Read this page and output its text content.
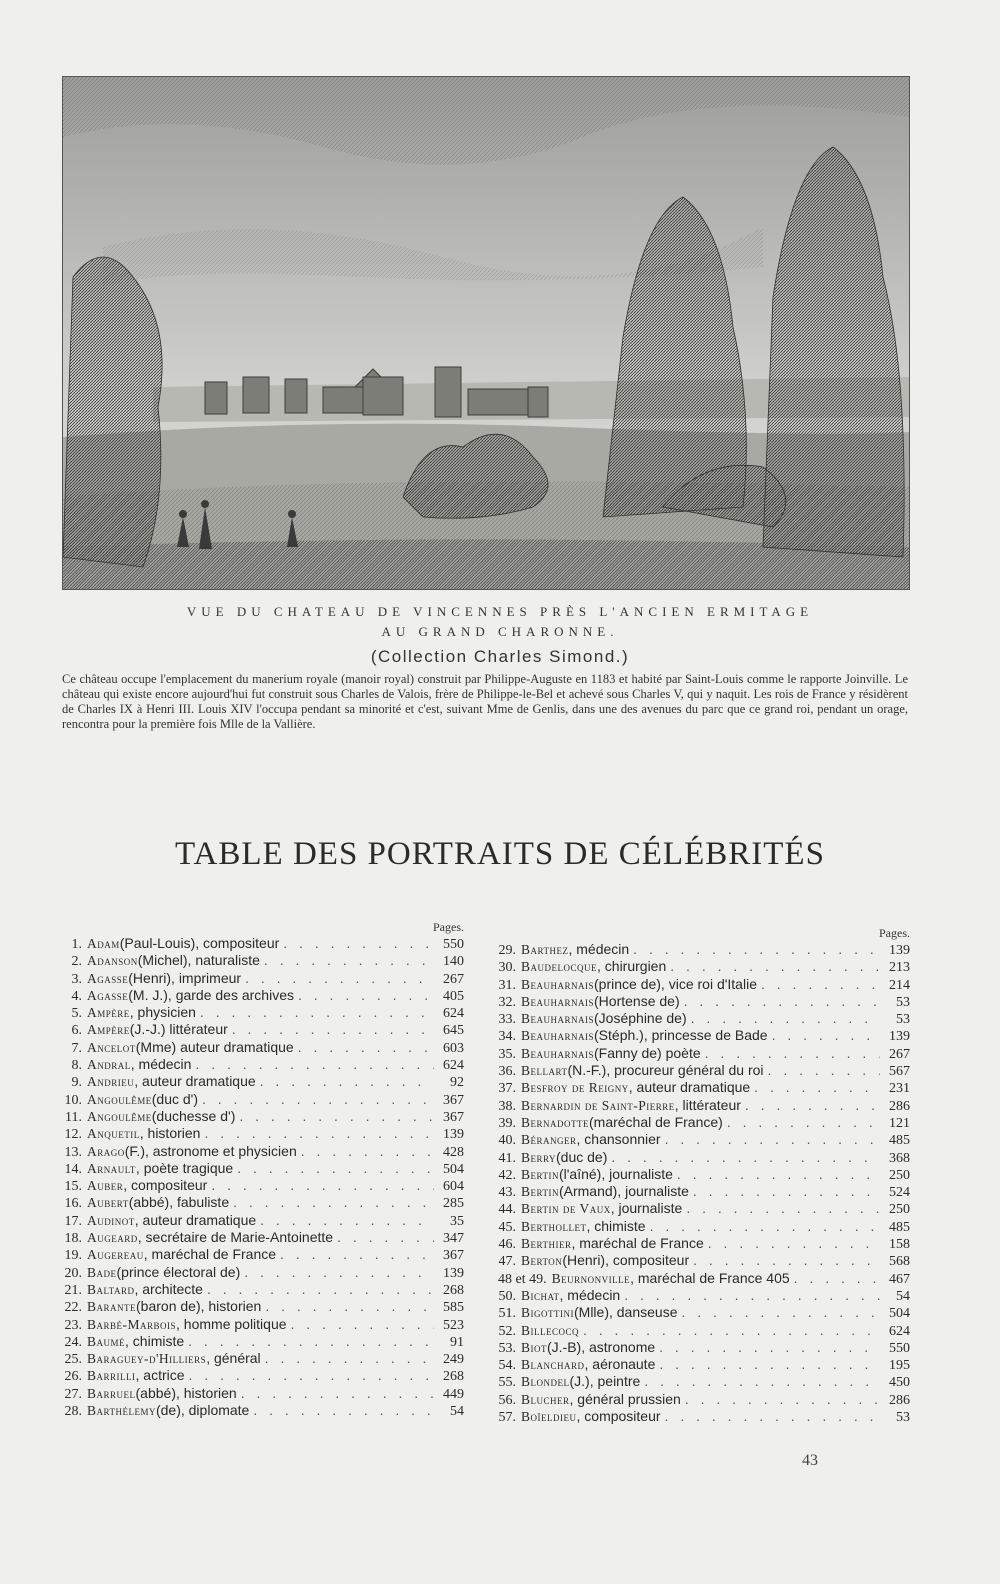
VUE DU CHATEAU DE VINCENNES PRÈS L'ANCIEN ERMITAGE
AU GRAND CHARONNE.
(Collection Charles Simond.)
Ce château occupe l'emplacement du manerium royale (manoir royal) construit par Philippe-Auguste en 1183 et habité par Saint-Louis comme le rapporte Joinville. Le château qui existe encore aujourd'hui fut construit sous Charles de Valois, frère de Philippe-le-Bel et achevé sous Charles V, qui y naquit. Les rois de France y résidèrent de Charles IX à Henri III. Louis XIV l'occupa pendant sa minorité et c'est, suivant Mme de Genlis, dans une des avenues du parc que ce grand roi, pendant un orage, rencontra pour la première fois Mlle de la Vallière.
TABLE DES PORTRAITS DE CÉLÉBRITÉS
Pages.
1. Adam (Paul-Louis), compositeur . . .	550
2. Adanson (Michel), naturaliste . . .	140
3. Agasse (Henri), imprimeur . . .	267
4. Agasse (M. J.), garde des archives . . .	405
5. Ampère , physicien . . .	624
6. Ampère (J.-J.) littérateur . . .	645
7. Ancelot (Mme) auteur dramatique . . .	603
8. Andral , médecin . . .	624
9. Andrieu , auteur dramatique . . .	92
10. Angoulême (duc d') . . .	367
11. Angoulême (duchesse d') . . .	367
12. Anquetil , historien . . .	139
13. Arago (F.), astronome et physicien . . .	428
14. Arnault , poète tragique . . .	504
15. Auber , compositeur . . .	604
16. Aubert (abbé), fabuliste . . .	285
17. Audinot , auteur dramatique . . .	35
18. Augeard , secrétaire de Marie-Antoinette . . .	347
19. Augereau , maréchal de France . . .	367
20. Bade (prince électoral de) . . .	139
21. Baltard , architecte . . .	268
22. Barante (baron de), historien . . .	585
23. Barbé-Marbois , homme politique . . .	523
24. Baumé , chimiste . . .	91
25. Baraguey-d'Hilliers , général . . .	249
26. Barrilli , actrice . . .	268
27. Barruel (abbé), historien . . .	449
28. Barthélemy (de), diplomate . . .	54
Pages.
29. Barthez , médecin . . .	139
30. Baudelocque , chirurgien . . .	213
31. Beauharnais (prince de), vice roi d'Italie . . .	214
32. Beauharnais (Hortense de) . . .	53
33. Beauharnais (Joséphine de) . . .	53
34. Beauharnais (Stéph.), princesse de Bade . . .	139
35. Beauharnais (Fanny de) poète . . .	267
36. Bellart (N.-F.), procureur général du roi . . .	567
37. Besfroy de Reigny , auteur dramatique . . .	231
38. Bernardin de Saint-Pierre , littérateur . . .	286
39. Bernadotte (maréchal de France) . . .	121
40. Béranger , chansonnier . . .	485
41. Berry (duc de) . . .	368
42. Bertin (l'aîné), journaliste . . .	250
43. Bertin (Armand), journaliste . . .	524
44. Bertin de Vaux , journaliste . . .	250
45. Berthollet , chimiste . . .	485
46. Berthier , maréchal de France . . .	158
47. Berton (Henri), compositeur . . .	568
48 et 49. Beurnonville , maréchal de France 405 . . .	467
50. Bichat , médecin . . .	54
51. Bigottini (Mlle), danseuse . . .	504
52. Billecocq . . .	624
53. Biot (J.-B), astronome . . .	550
54. Blanchard , aéronaute . . .	195
55. Blondel (J.), peintre . . .	450
56. Blucher , général prussien . . .	286
57. Boïeldieu , compositeur . . .	53
43
